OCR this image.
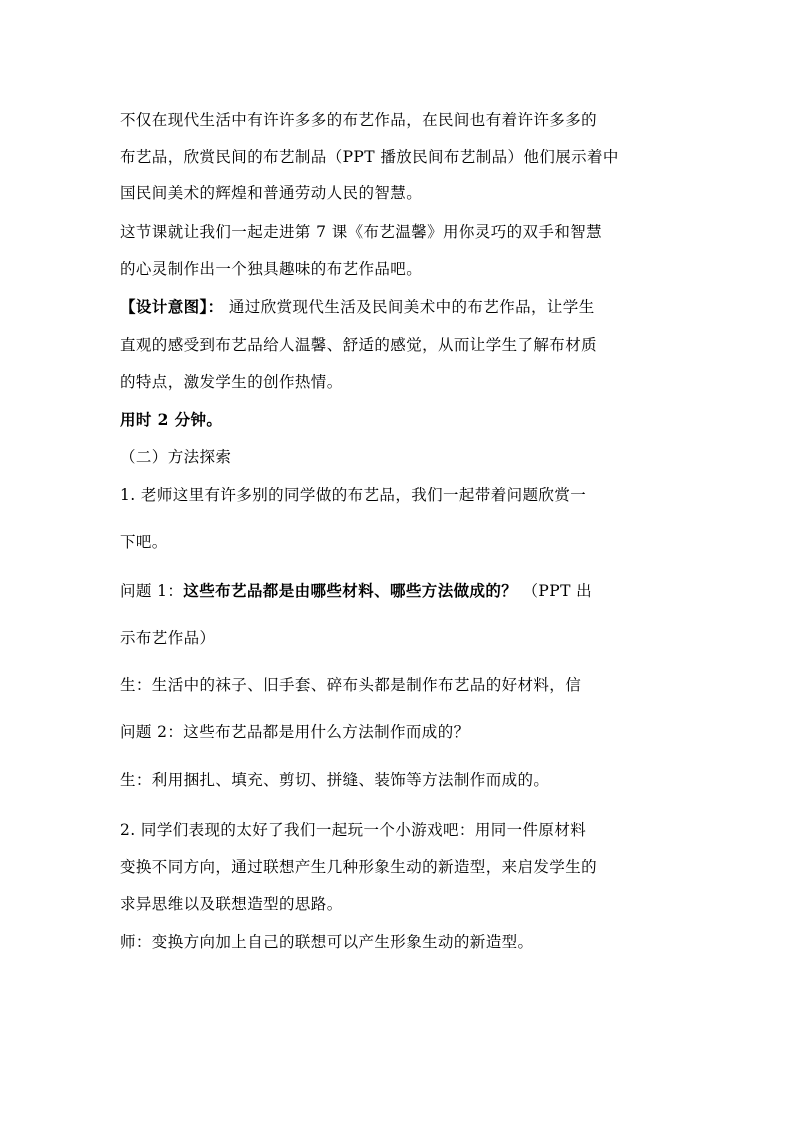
不仅在现代生活中有许许多多的布艺作品，在民间也有着许许多多的
布艺品，欣赏民间的布艺制品（PPT 播放民间布艺制品）他们展示着中
国民间美术的辉煌和普通劳动人民的智慧。
这节课就让我们一起走进第 7 课《布艺温馨》用你灵巧的双手和智慧
的心灵制作出一个独具趣味的布艺作品吧。
【设计意图】： 通过欣赏现代生活及民间美术中的布艺作品，让学生
直观的感受到布艺品给人温馨、舒适的感觉，从而让学生了解布材质
的特点，激发学生的创作热情。
用时 2 分钟。
（二）方法探索
1. 老师这里有许多别的同学做的布艺品，我们一起带着问题欣赏一
下吧。
问题 1：这些布艺品都是由哪些材料、哪些方法做成的？ （PPT 出
示布艺作品）
生：生活中的袜子、旧手套、碎布头都是制作布艺品的好材料，信
问题 2：这些布艺品都是用什么方法制作而成的？
生：利用捆扎、填充、剪切、拼缝、装饰等方法制作而成的。
2. 同学们表现的太好了我们一起玩一个小游戏吧：用同一件原材料
变换不同方向，通过联想产生几种形象生动的新造型，来启发学生的
求异思维以及联想造型的思路。
师：变换方向加上自己的联想可以产生形象生动的新造型。
